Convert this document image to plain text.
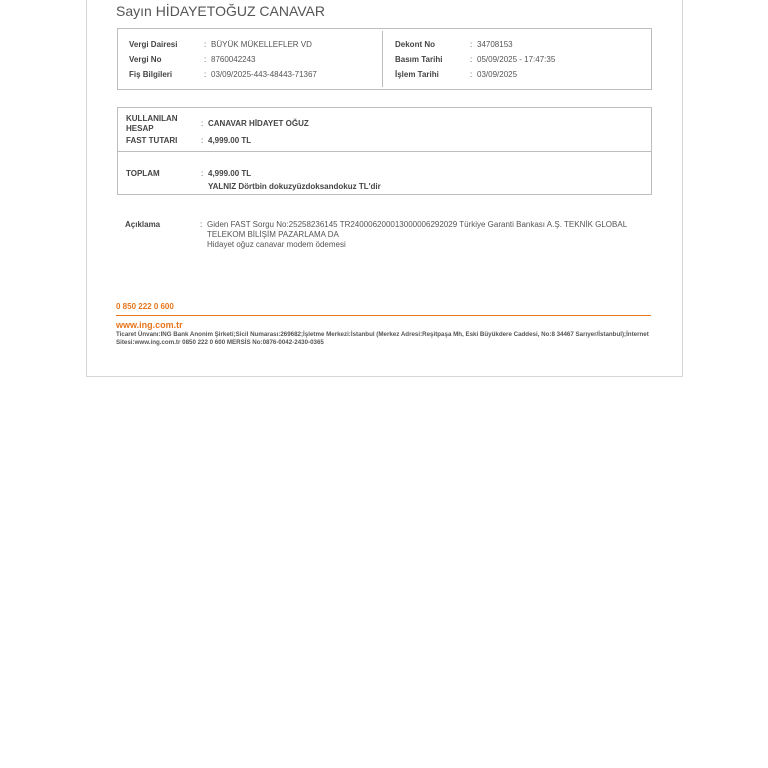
Sayın HİDAYETOĞUZ CANAVAR
Vergi Dairesi	: BÜYÜK MÜKELLEFLER VD
Vergi No	: 8760042243
Fiş Bilgileri	: 03/09/2025-443-48443-71367
Dekont No	: 34708153
Basım Tarihi	: 05/09/2025 - 17:47:35
İşlem Tarihi	: 03/09/2025
KULLANILAN
HESAP
: CANAVAR HİDAYET OĞUZ
FAST TUTARI	: 4,999.00 TL
TOPLAM	: 4,999.00 TL
YALNIZ Dörtbin dokuzyüzdoksandokuz TL'dir
Açıklama	: Giden FAST Sorgu No:25258236145 TR240006200013000006292029 Türkiye Garanti Bankası A.Ş. TEKNİK GLOBAL
TELEKOM BİLİŞİM PAZARLAMA DA
Hidayet oğuz canavar modem ödemesi
0 850 222 0 600
www.ing.com.tr
Ticaret Ünvanı:ING Bank Anonim Şirketi;Sicil Numarası:269682;İşletme Merkezi:İstanbul (Merkez Adresi:Reşitpaşa Mh, Eski Büyükdere Caddesi, No:8 34467 Sarıyer/İstanbul);İnternet Sitesi:www.ing.com.tr 0850 222 0 600 MERSİS No:0876-0042-2430-0365
